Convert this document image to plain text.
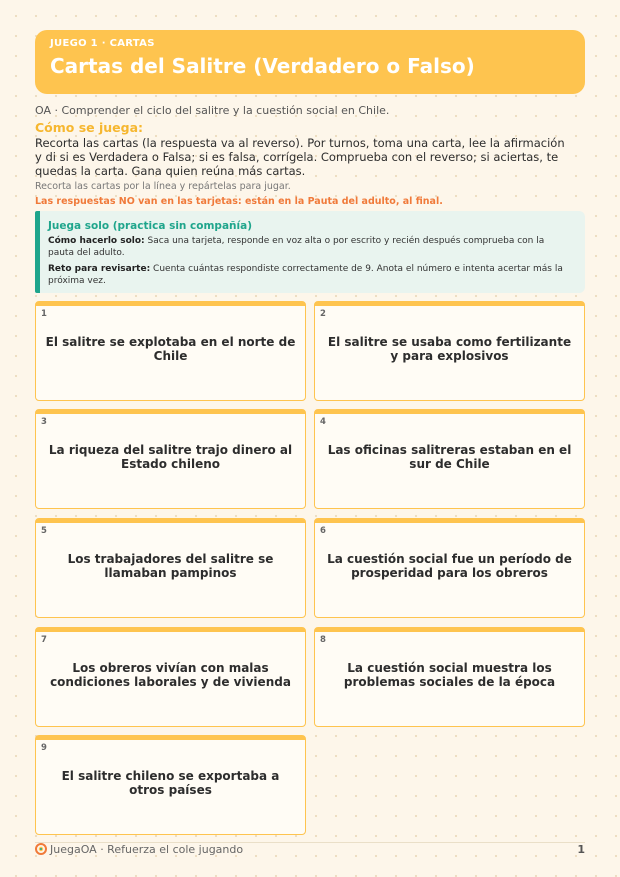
JUEGO 1 · CARTAS
Cartas del Salitre (Verdadero o Falso)
OA · Comprender el ciclo del salitre y la cuestión social en Chile.
Cómo se juega:
Recorta las cartas (la respuesta va al reverso). Por turnos, toma una carta, lee la afirmación y di si es Verdadera o Falsa; si es falsa, corrígela. Comprueba con el reverso; si aciertas, te quedas la carta. Gana quien reúna más cartas.
Recorta las cartas por la línea y repártelas para jugar.
Las respuestas NO van en las tarjetas: están en la Pauta del adulto, al final.
Juega solo (practica sin compañía)
Cómo hacerlo solo: Saca una tarjeta, responde en voz alta o por escrito y recién después comprueba con la pauta del adulto.
Reto para revisarte: Cuenta cuántas respondiste correctamente de 9. Anota el número e intenta acertar más la próxima vez.
1
El salitre se explotaba en el norte de Chile
2
El salitre se usaba como fertilizante y para explosivos
3
La riqueza del salitre trajo dinero al Estado chileno
4
Las oficinas salitreras estaban en el sur de Chile
5
Los trabajadores del salitre se llamaban pampinos
6
La cuestión social fue un período de prosperidad para los obreros
7
Los obreros vivían con malas condiciones laborales y de vivienda
8
La cuestión social muestra los problemas sociales de la época
9
El salitre chileno se exportaba a otros países
JuegaOA · Refuerza el cole jugando	1
